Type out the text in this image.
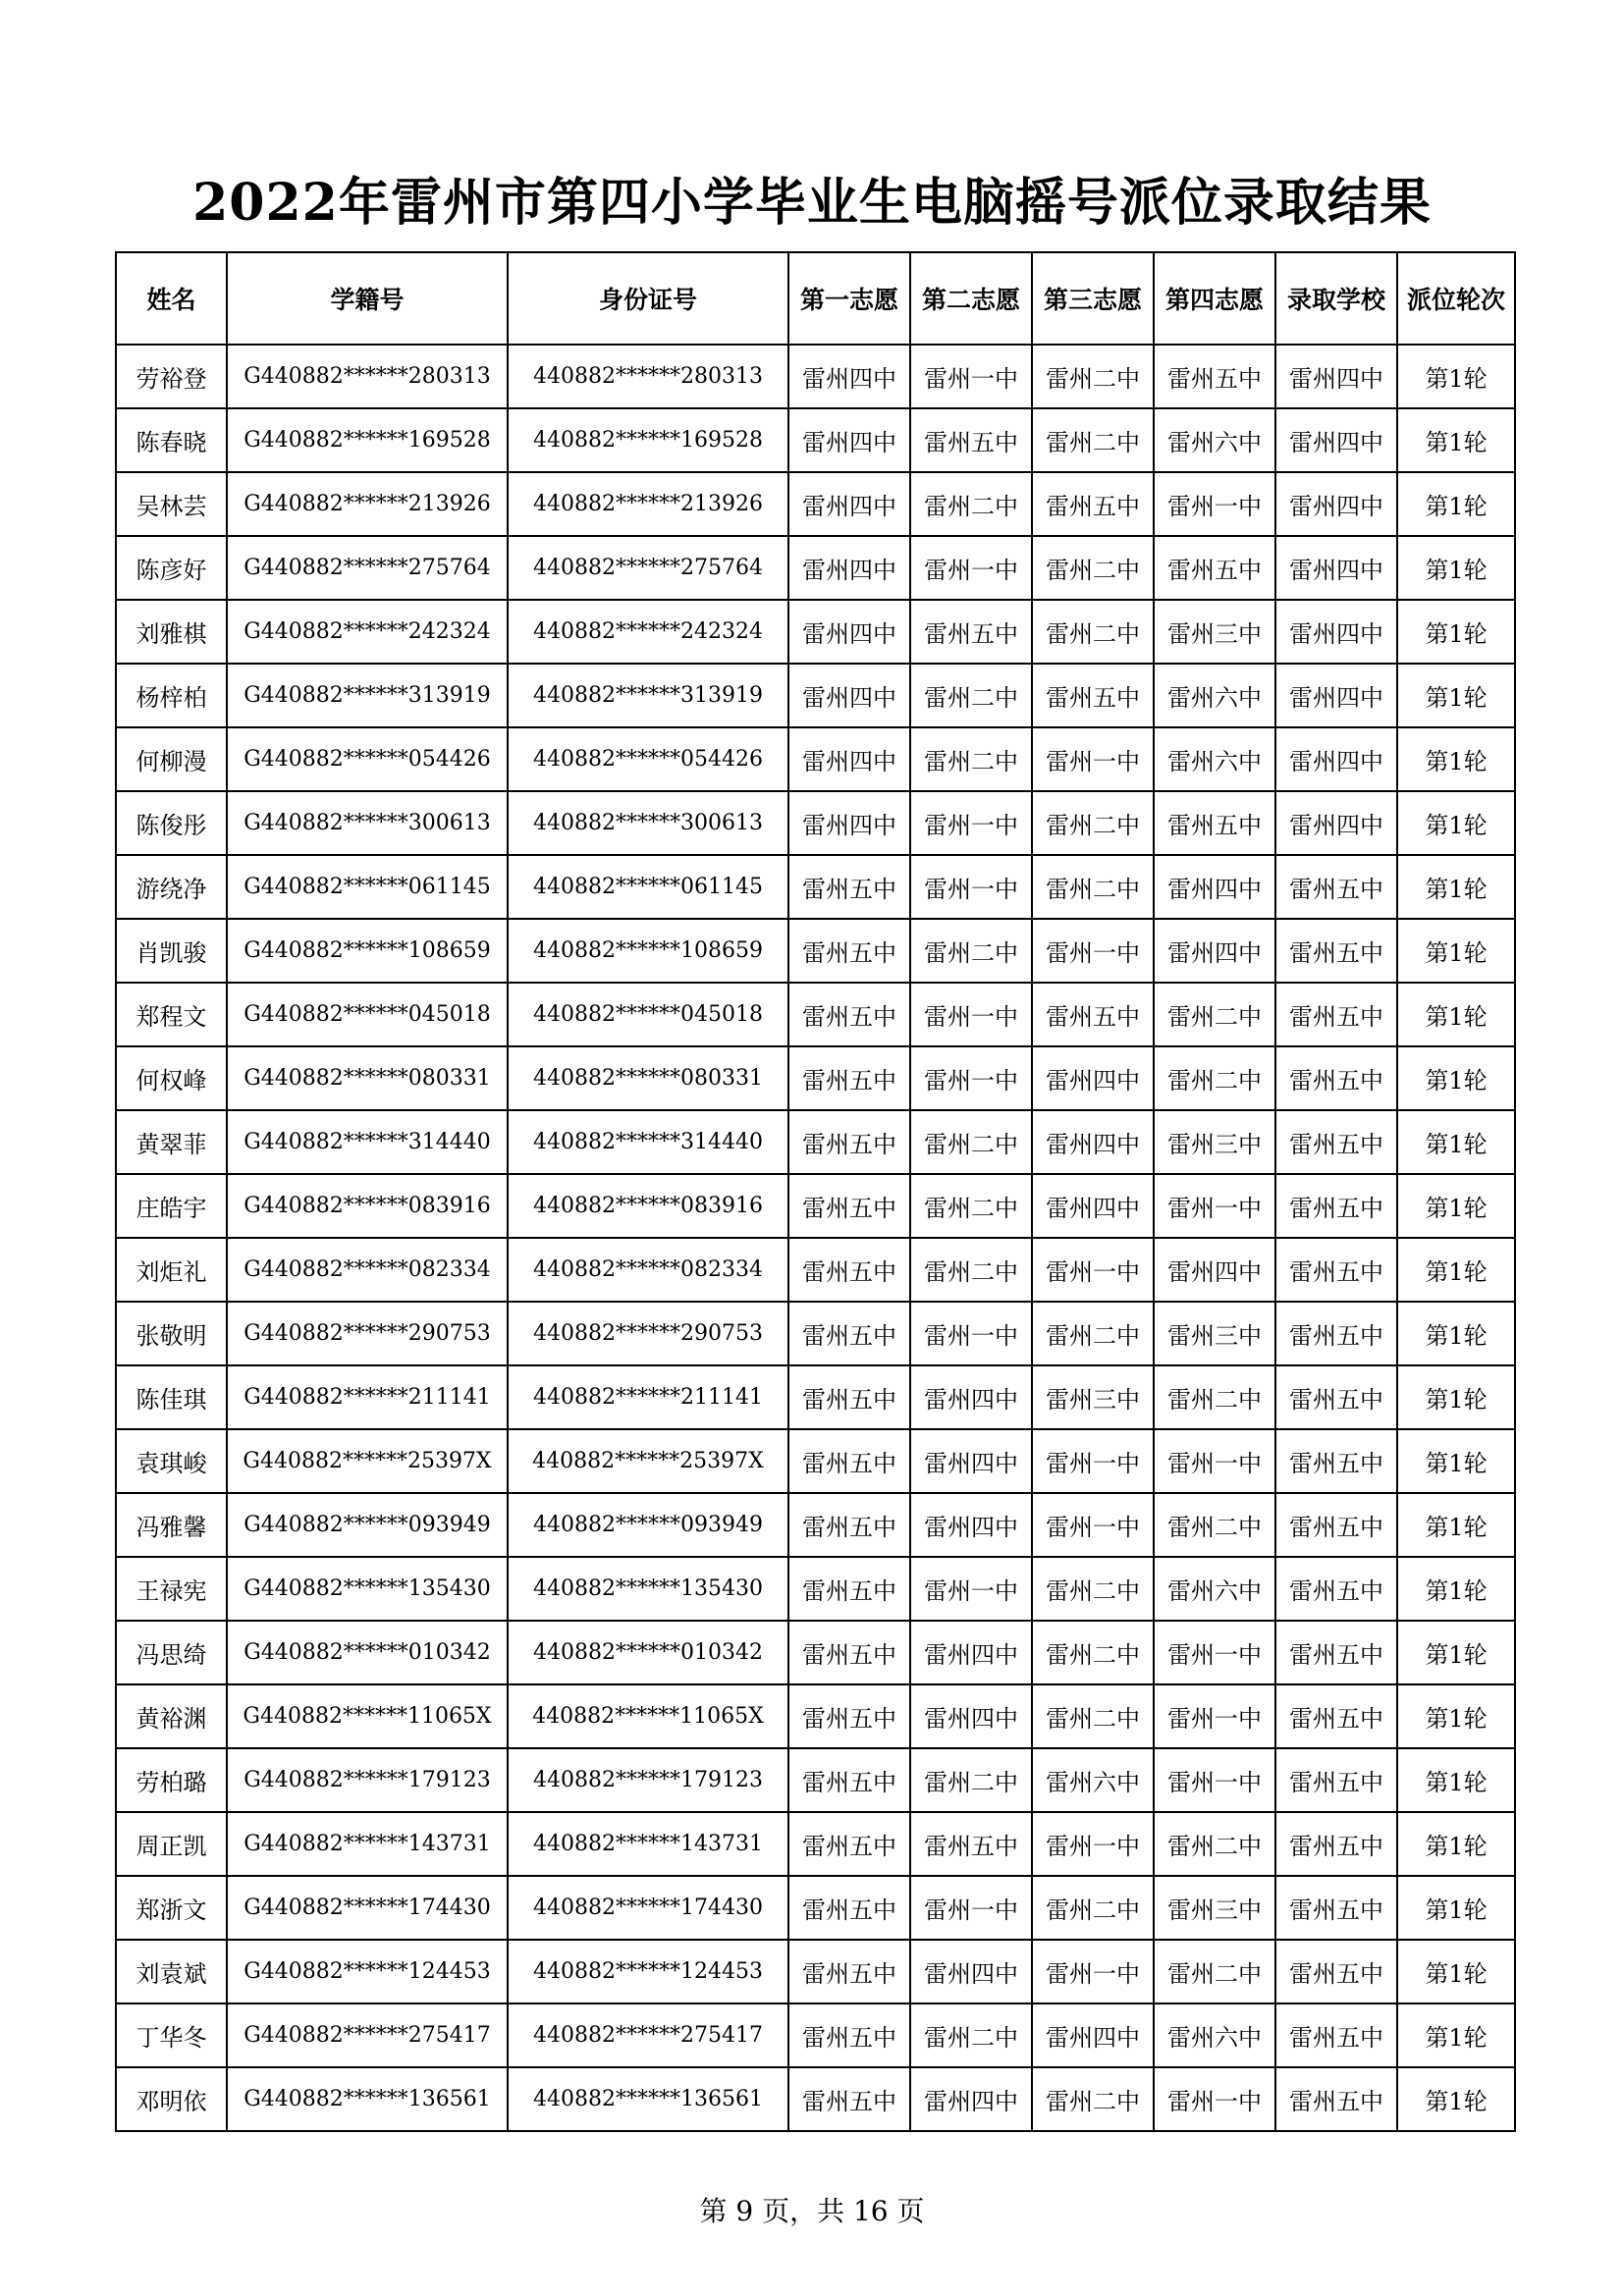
2022年雷州市第四小学毕业生电脑摇号派位录取结果
姓名	学籍号	身份证号	第一志愿	第二志愿	第三志愿	第四志愿	录取学校	派位轮次
劳裕登	G440882******280313	440882******280313	雷州四中	雷州一中	雷州二中	雷州五中	雷州四中	第1轮
陈春晓	G440882******169528	440882******169528	雷州四中	雷州五中	雷州二中	雷州六中	雷州四中	第1轮
吴林芸	G440882******213926	440882******213926	雷州四中	雷州二中	雷州五中	雷州一中	雷州四中	第1轮
陈彦好	G440882******275764	440882******275764	雷州四中	雷州一中	雷州二中	雷州五中	雷州四中	第1轮
刘雅棋	G440882******242324	440882******242324	雷州四中	雷州五中	雷州二中	雷州三中	雷州四中	第1轮
杨梓柏	G440882******313919	440882******313919	雷州四中	雷州二中	雷州五中	雷州六中	雷州四中	第1轮
何柳漫	G440882******054426	440882******054426	雷州四中	雷州二中	雷州一中	雷州六中	雷州四中	第1轮
陈俊彤	G440882******300613	440882******300613	雷州四中	雷州一中	雷州二中	雷州五中	雷州四中	第1轮
游绕净	G440882******061145	440882******061145	雷州五中	雷州一中	雷州二中	雷州四中	雷州五中	第1轮
肖凯骏	G440882******108659	440882******108659	雷州五中	雷州二中	雷州一中	雷州四中	雷州五中	第1轮
郑程文	G440882******045018	440882******045018	雷州五中	雷州一中	雷州五中	雷州二中	雷州五中	第1轮
何权峰	G440882******080331	440882******080331	雷州五中	雷州一中	雷州四中	雷州二中	雷州五中	第1轮
黄翠菲	G440882******314440	440882******314440	雷州五中	雷州二中	雷州四中	雷州三中	雷州五中	第1轮
庄皓宇	G440882******083916	440882******083916	雷州五中	雷州二中	雷州四中	雷州一中	雷州五中	第1轮
刘炬礼	G440882******082334	440882******082334	雷州五中	雷州二中	雷州一中	雷州四中	雷州五中	第1轮
张敬明	G440882******290753	440882******290753	雷州五中	雷州一中	雷州二中	雷州三中	雷州五中	第1轮
陈佳琪	G440882******211141	440882******211141	雷州五中	雷州四中	雷州三中	雷州二中	雷州五中	第1轮
袁琪峻	G440882******25397X	440882******25397X	雷州五中	雷州四中	雷州一中	雷州一中	雷州五中	第1轮
冯雅馨	G440882******093949	440882******093949	雷州五中	雷州四中	雷州一中	雷州二中	雷州五中	第1轮
王禄宪	G440882******135430	440882******135430	雷州五中	雷州一中	雷州二中	雷州六中	雷州五中	第1轮
冯思绮	G440882******010342	440882******010342	雷州五中	雷州四中	雷州二中	雷州一中	雷州五中	第1轮
黄裕渊	G440882******11065X	440882******11065X	雷州五中	雷州四中	雷州二中	雷州一中	雷州五中	第1轮
劳柏璐	G440882******179123	440882******179123	雷州五中	雷州二中	雷州六中	雷州一中	雷州五中	第1轮
周正凯	G440882******143731	440882******143731	雷州五中	雷州五中	雷州一中	雷州二中	雷州五中	第1轮
郑浙文	G440882******174430	440882******174430	雷州五中	雷州一中	雷州二中	雷州三中	雷州五中	第1轮
刘袁斌	G440882******124453	440882******124453	雷州五中	雷州四中	雷州一中	雷州二中	雷州五中	第1轮
丁华冬	G440882******275417	440882******275417	雷州五中	雷州二中	雷州四中	雷州六中	雷州五中	第1轮
邓明依	G440882******136561	440882******136561	雷州五中	雷州四中	雷州二中	雷州一中	雷州五中	第1轮
第 9 页，共 16 页
